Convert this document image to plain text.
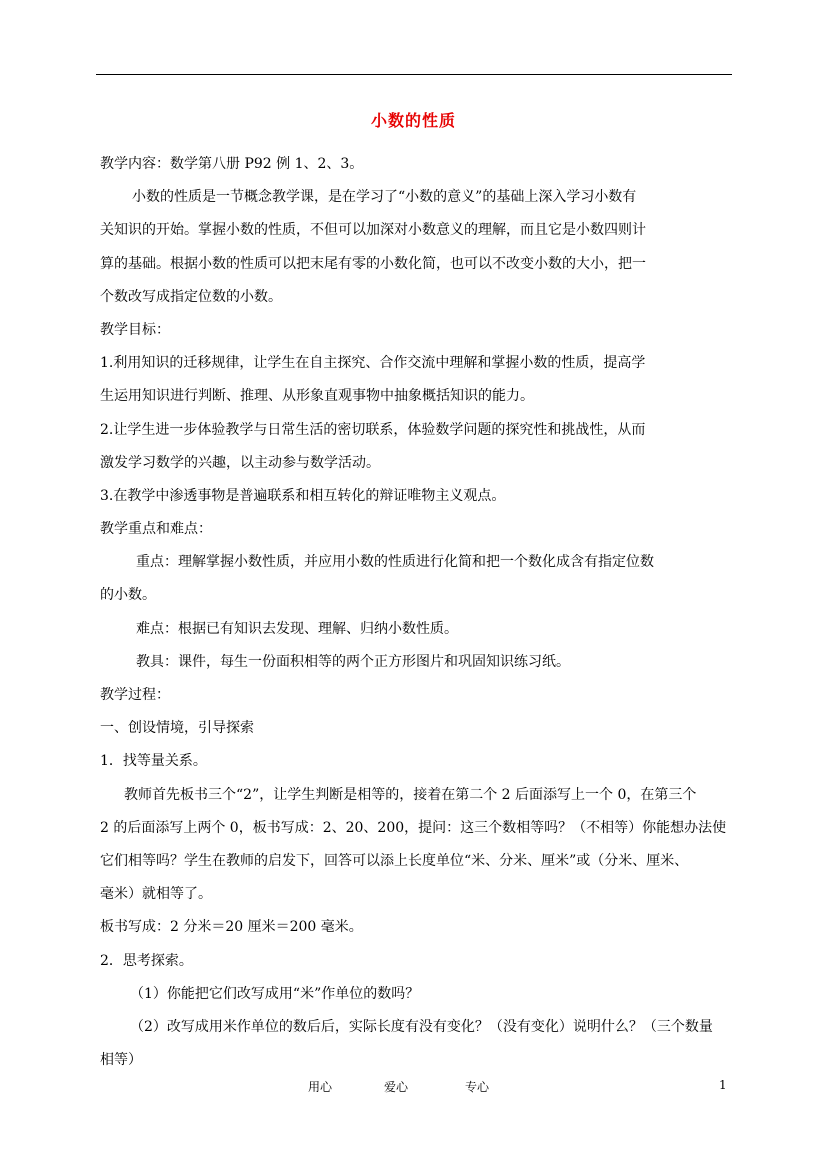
小数的性质
教学内容：数学第八册 P92 例 1、2、3。
小数的性质是一节概念教学课，是在学习了“小数的意义”的基础上深入学习小数有
关知识的开始。掌握小数的性质，不但可以加深对小数意义的理解，而且它是小数四则计
算的基础。根据小数的性质可以把末尾有零的小数化简，也可以不改变小数的大小，把一
个数改写成指定位数的小数。
教学目标：
1.利用知识的迁移规律，让学生在自主探究、合作交流中理解和掌握小数的性质，提高学
生运用知识进行判断、推理、从形象直观事物中抽象概括知识的能力。
2.让学生进一步体验教学与日常生活的密切联系，体验数学问题的探究性和挑战性，从而
激发学习数学的兴趣，以主动参与数学活动。
3.在教学中渗透事物是普遍联系和相互转化的辩证唯物主义观点。
教学重点和难点：
重点：理解掌握小数性质，并应用小数的性质进行化简和把一个数化成含有指定位数
的小数。
难点：根据已有知识去发现、理解、归纳小数性质。
教具：课件，每生一份面积相等的两个正方形图片和巩固知识练习纸。
教学过程：
一、创设情境，引导探索
1．找等量关系。
教师首先板书三个“2”，让学生判断是相等的，接着在第二个 2 后面添写上一个 0，在第三个
2 的后面添写上两个 0，板书写成：2、20、200，提问：这三个数相等吗？（不相等）你能想办法使
它们相等吗？学生在教师的启发下，回答可以添上长度单位“米、分米、厘米”或（分米、厘米、
毫米）就相等了。
板书写成：2 分米＝20 厘米＝200 毫米。
2．思考探索。
（1）你能把它们改写成用“米”作单位的数吗？
（2）改写成用米作单位的数后后，实际长度有没有变化？（没有变化）说明什么？（三个数量
相等）
用心	爱心	专心	1
